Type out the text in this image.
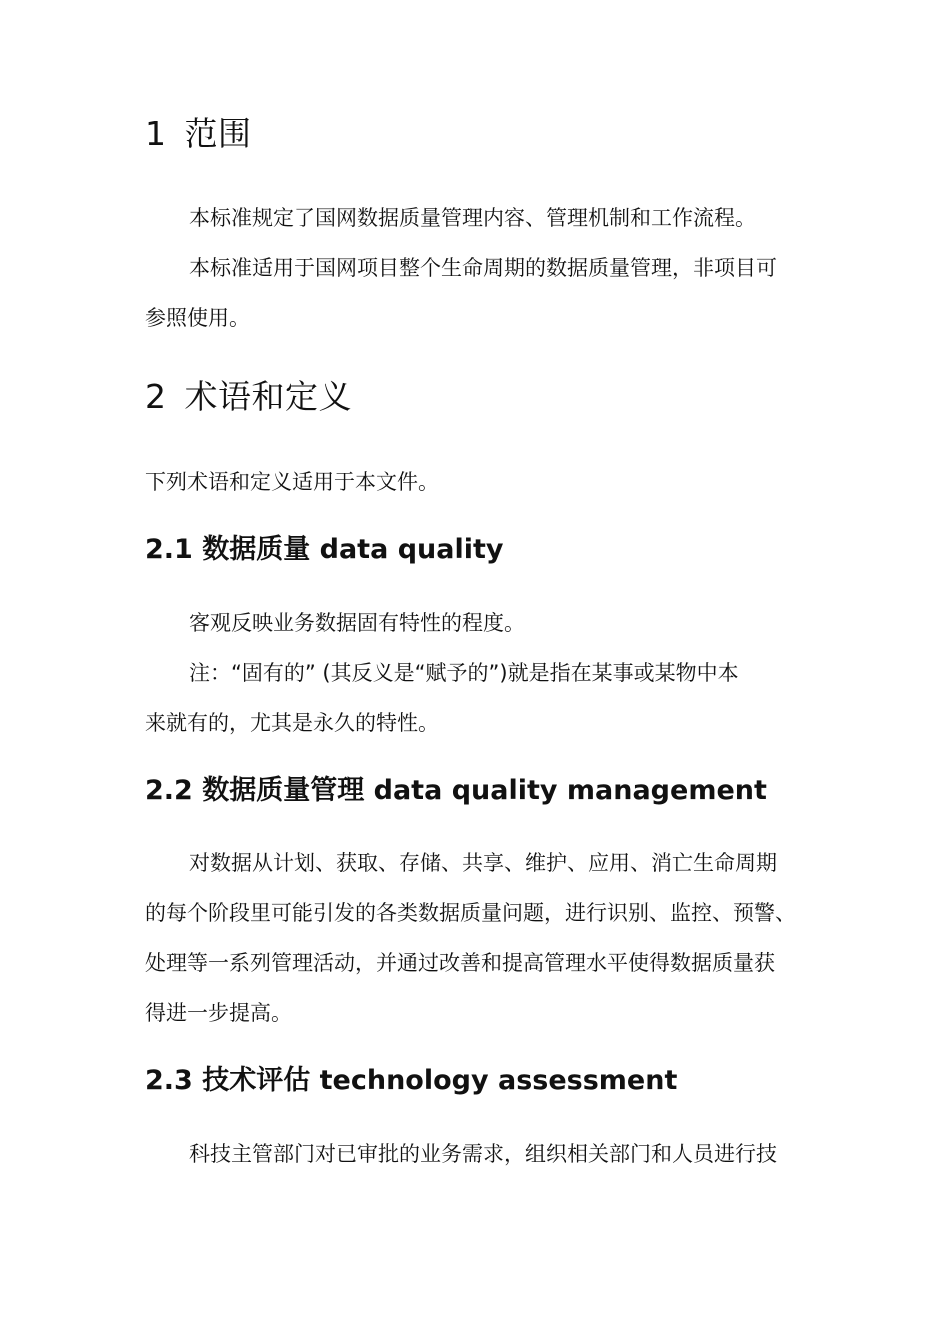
1 范围
本标准规定了国网数据质量管理内容、管理机制和工作流程。
本标准适用于国网项目整个生命周期的数据质量管理，非项目可
参照使用。
2 术语和定义
下列术语和定义适用于本文件。
2.1 数据质量 data quality
客观反映业务数据固有特性的程度。
注：“固有的” (其反义是“赋予的”)就是指在某事或某物中本
来就有的，尤其是永久的特性。
2.2 数据质量管理 data quality management
对数据从计划、获取、存储、共享、维护、应用、消亡生命周期
的每个阶段里可能引发的各类数据质量问题，进行识别、监控、预警、
处理等一系列管理活动，并通过改善和提高管理水平使得数据质量获
得进一步提高。
2.3 技术评估 technology assessment
科技主管部门对已审批的业务需求，组织相关部门和人员进行技
